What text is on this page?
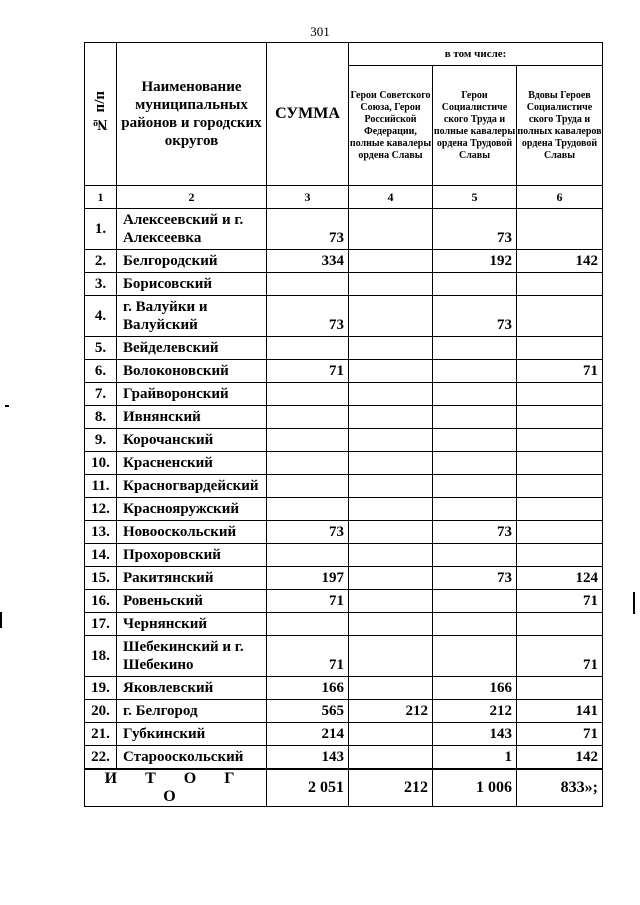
301
№ п/п	Наименование муниципальных районов и городских округов	СУММА	в том числе:		
			Герои Советского Союза, Герои Российской Федерации, полные кавалеры ордена Славы	Герои Социалистиче ского Труда и полные кавалеры ордена Трудовой Славы	Вдовы Героев Социалистиче ского Труда и полных кавалеров ордена Трудовой Славы
1	2	3	4	5	6
1.	Алексеевский и г. Алексеевка	73		73	
2.	Белгородский	334		192	142
3.	Борисовский				
4.	г. Валуйки и Валуйский	73		73	
5.	Вейделевский				
6.	Волоконовский	71			71
7.	Грайворонский				
8.	Ивнянский				
9.	Корочанский				
10.	Красненский				
11.	Красногвардейский				
12.	Краснояружский				
13.	Новооскольский	73		73	
14.	Прохоровский				
15.	Ракитянский	197		73	124
16.	Ровеньский	71			71
17.	Чернянский				
18.	Шебекинский и г. Шебекино	71			71
19.	Яковлевский	166		166	
20.	г. Белгород	565	212	212	141
21.	Губкинский	214		143	71
22.	Старооскольский	143		1	142
И Т О Г О		2 051	212	1 006	833»;
